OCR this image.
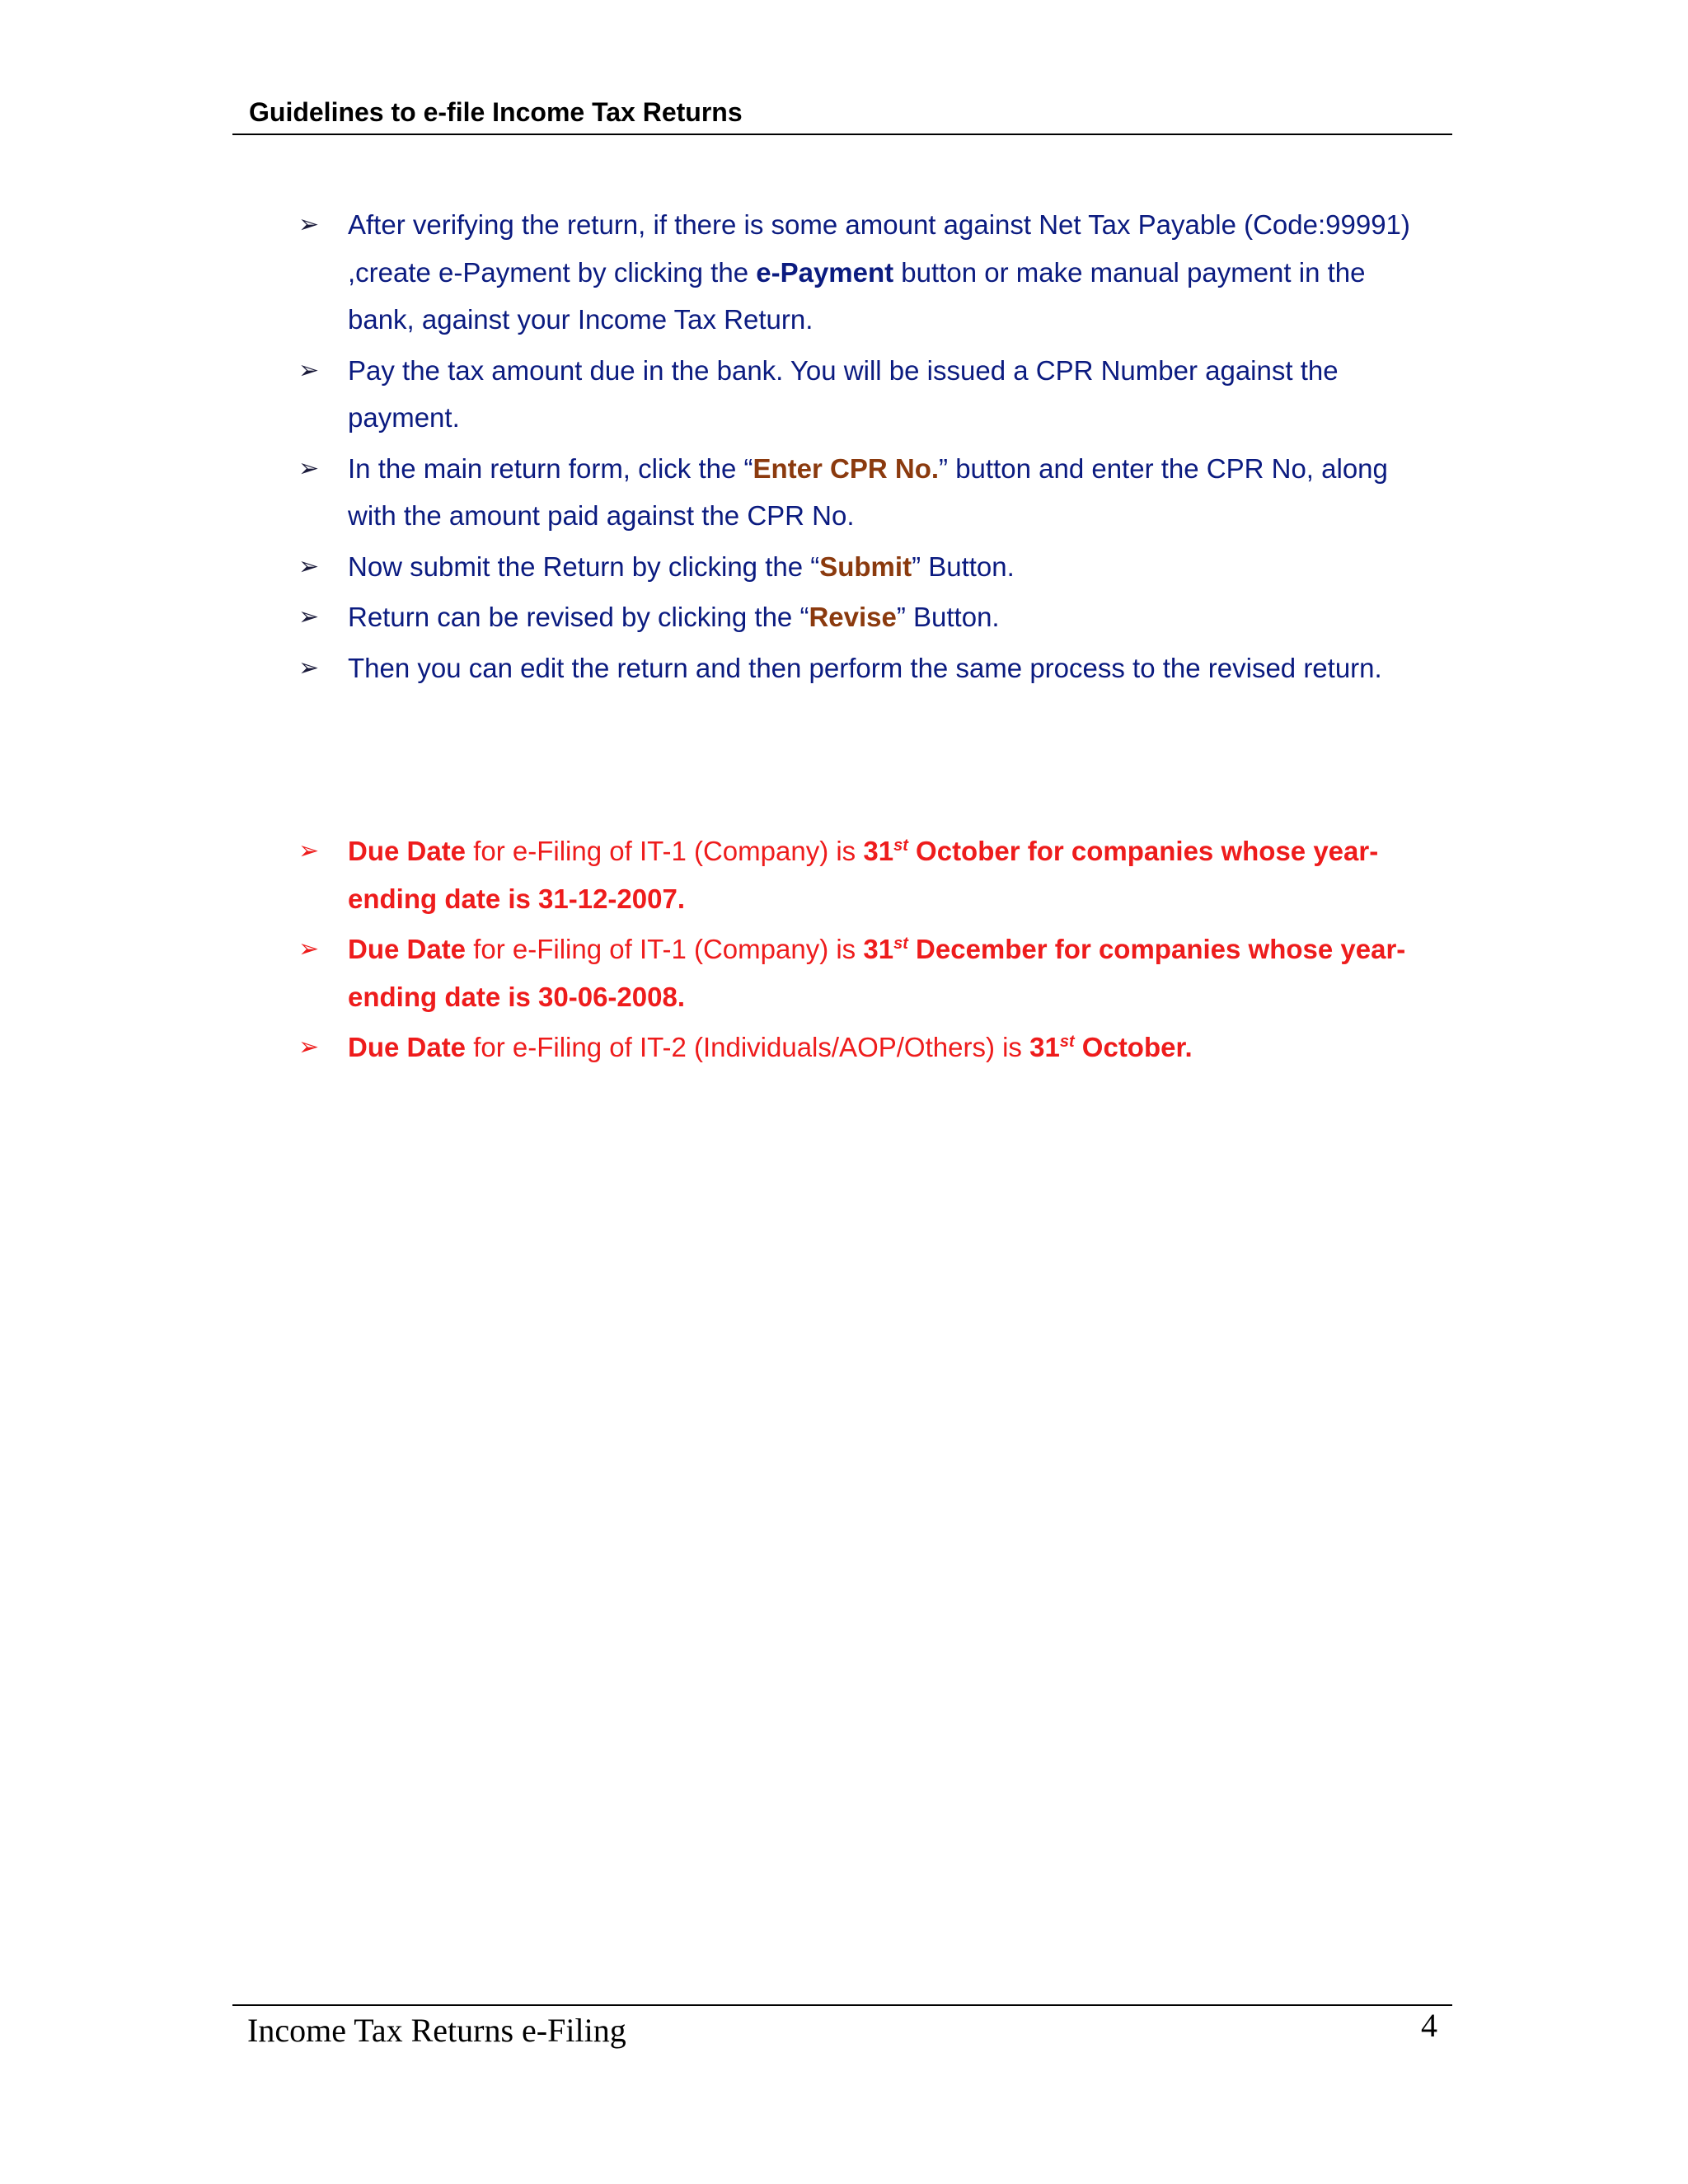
Guidelines to e-file Income Tax Returns
➢ After verifying the return, if there is some amount against Net Tax Payable (Code:99991) ,create e-Payment by clicking the e-Payment button or make manual payment in the bank, against your Income Tax Return.
➢ Pay the tax amount due in the bank. You will be issued a CPR Number against the payment.
➢ In the main return form, click the “Enter CPR No.” button and enter the CPR No, along with the amount paid against the CPR No.
➢ Now submit the Return by clicking the “Submit” Button.
➢ Return can be revised by clicking the “Revise” Button.
➢ Then you can edit the return and then perform the same process to the revised return.
➢ Due Date for e-Filing of IT-1 (Company) is 31st October for companies whose year-ending date is 31-12-2007.
➢ Due Date for e-Filing of IT-1 (Company) is 31st December for companies whose year-ending date is 30-06-2008.
➢ Due Date for e-Filing of IT-2 (Individuals/AOP/Others) is 31st October.
Income Tax Returns e-Filing	4
